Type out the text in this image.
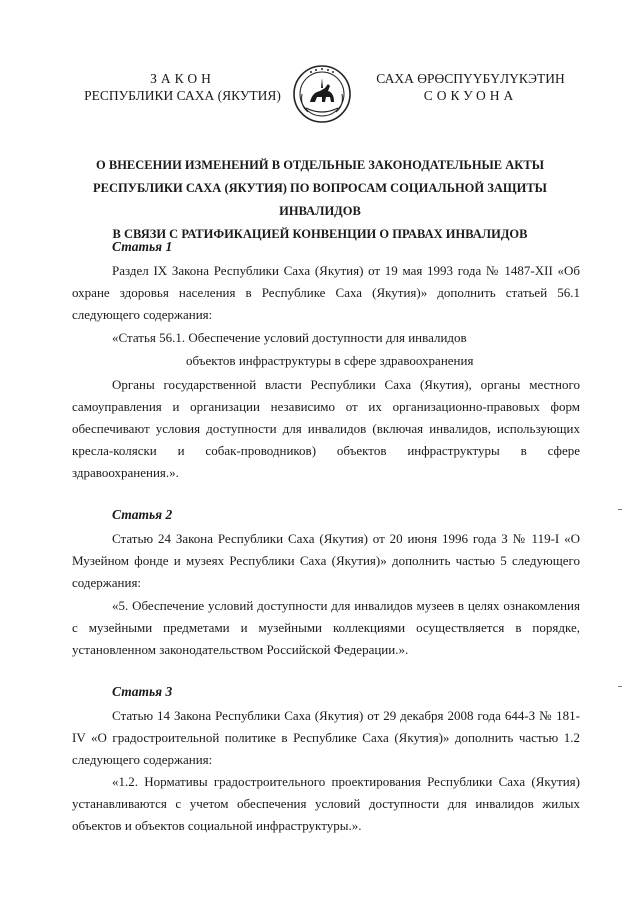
ЗАКОН
РЕСПУБЛИКИ САХА (ЯКУТИЯ)
САХА ӨРӨСПҮҮБҮЛҮКЭТИН
СОКУОНА
О ВНЕСЕНИИ ИЗМЕНЕНИЙ В ОТДЕЛЬНЫЕ ЗАКОНОДАТЕЛЬНЫЕ АКТЫ
РЕСПУБЛИКИ САХА (ЯКУТИЯ) ПО ВОПРОСАМ СОЦИАЛЬНОЙ ЗАЩИТЫ ИНВАЛИДОВ
В СВЯЗИ С РАТИФИКАЦИЕЙ КОНВЕНЦИИ О ПРАВАХ ИНВАЛИДОВ
Статья 1
Раздел IX Закона Республики Саха (Якутия) от 19 мая 1993 года № 1487-XII «Об охране здоровья населения в Республике Саха (Якутия)» дополнить статьей 56.1 следующего содержания:
«Статья 56.1. Обеспечение условий доступности для инвалидов
объектов инфраструктуры в сфере здравоохранения
Органы государственной власти Республики Саха (Якутия), органы местного самоуправления и организации независимо от их организационно-правовых форм обеспечивают условия доступности для инвалидов (включая инвалидов, использующих кресла-коляски и собак-проводников) объектов инфраструктуры в сфере здравоохранения.».
Статья 2
Статью 24 Закона Республики Саха (Якутия) от 20 июня 1996 года З № 119-I «О Музейном фонде и музеях Республики Саха (Якутия)» дополнить частью 5 следующего содержания:
«5. Обеспечение условий доступности для инвалидов музеев в целях ознакомления с музейными предметами и музейными коллекциями осуществляется в порядке, установленном законодательством Российской Федерации.».
Статья 3
Статью 14 Закона Республики Саха (Якутия) от 29 декабря 2008 года 644-З № 181-IV «О градостроительной политике в Республике Саха (Якутия)» дополнить частью 1.2 следующего содержания:
«1.2. Нормативы градостроительного проектирования Республики Саха (Якутия) устанавливаются с учетом обеспечения условий доступности для инвалидов жилых объектов и объектов социальной инфраструктуры.».
